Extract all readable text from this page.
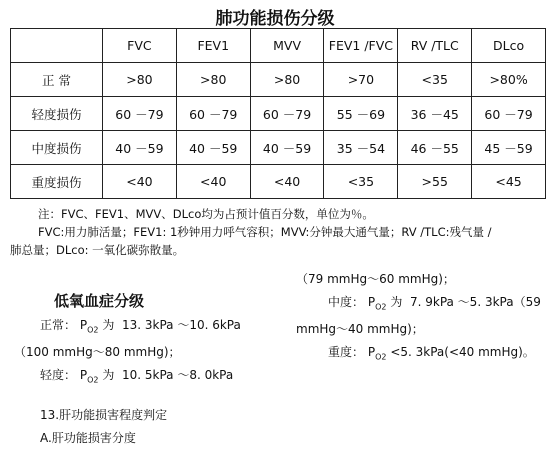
肺功能损伤分级
	FVC	FEV1	MVV	FEV1 /FVC	RV /TLC	DLco
正 常	>80	>80	>80	>70	<35	>80%
轻度损伤	60 －79	60 －79	60 －79	55 －69	36 －45	60 －79
中度损伤	40 －59	40 －59	40 －59	35 －54	46 －55	45 －59
重度损伤	<40	<40	<40	<35	>55	<45
注：FVC、FEV1、MVV、DLco均为占预计值百分数，单位为％。
FVC:用力肺活量；FEV1: 1秒钟用力呼气容积；MVV:分钟最大通气量；RV /TLC:残气量 /
肺总量；DLco: 一氧化碳弥散量。
低氧血症分级
正常： $P_{O2}$ 为 13. 3kPa ～10. 6kPa
（100 mmHg～80 mmHg)；
轻度： $P_{O2}$ 为 10. 5kPa ～8. 0kPa
13.肝功能损害程度判定
A.肝功能损害分度
（79 mmHg～60 mmHg)；
中度： $P_{O2}$ 为 7. 9kPa ～5. 3kPa（59
mmHg～40 mmHg)；
重度： $P_{O2} <5$. 3kPa(<40 mmHg)。
